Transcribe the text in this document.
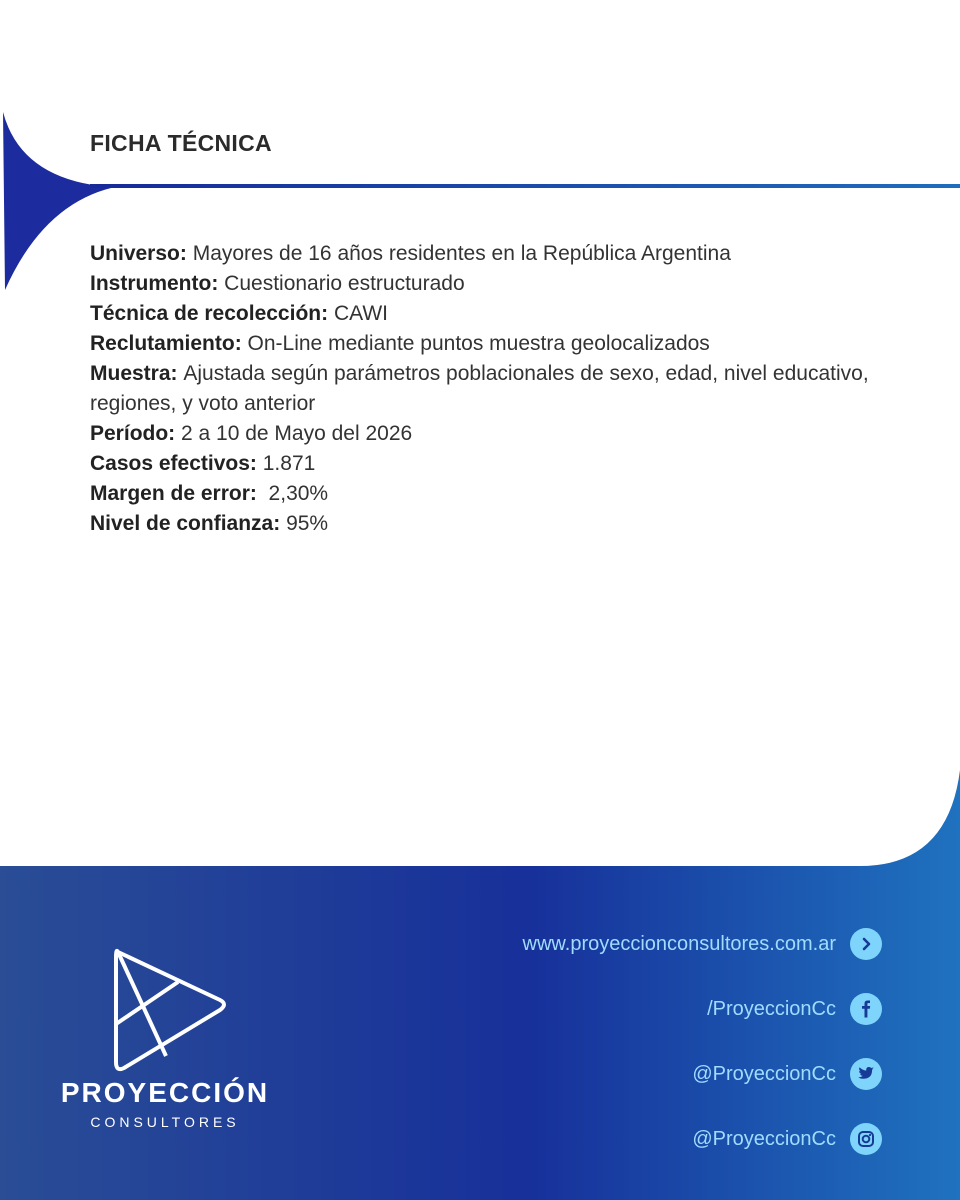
FICHA TÉCNICA

Universo: Mayores de 16 años residentes en la República Argentina

Instrumento: Cuestionario estructurado

Técnica de recolección: CAWI

Reclutamiento: On-Line mediante puntos muestra geolocalizados

Muestra: Ajustada según parámetros poblacionales de sexo, edad, nivel educativo, regiones, y voto anterior

Período: 2 a 10 de Mayo del 2026

Casos efectivos: 1.871

Margen de error: 2,30%

Nivel de confianza: 95%

PROYECCIÓN
CONSULTORES
www.proyeccionconsultores.com.ar
/ProyeccionCc
@ProyeccionCc
@ProyeccionCc
